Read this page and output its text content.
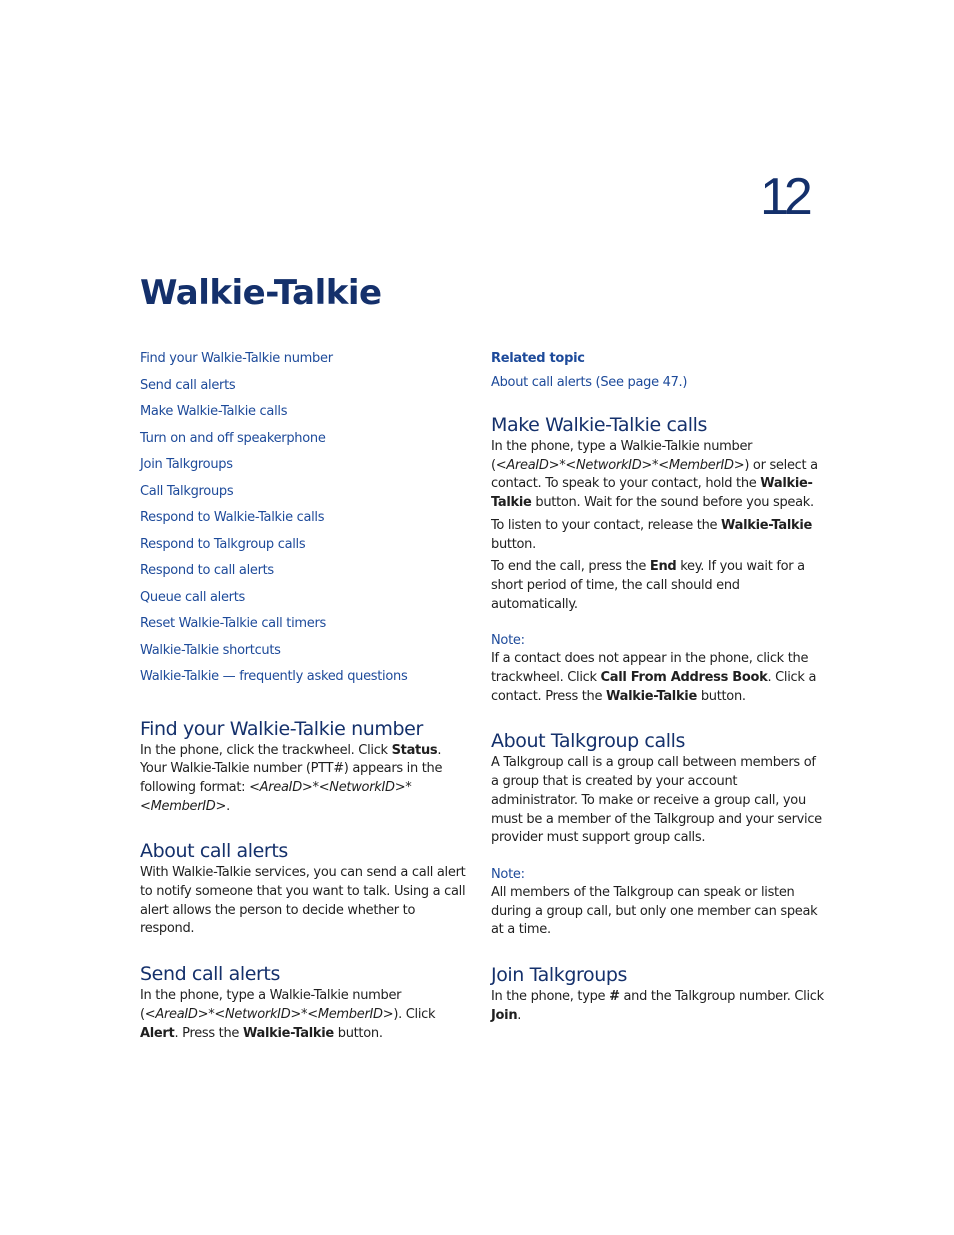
12
Walkie-Talkie
Find your Walkie-Talkie number
Send call alerts
Make Walkie-Talkie calls
Turn on and off speakerphone
Join Talkgroups
Call Talkgroups
Respond to Walkie-Talkie calls
Respond to Talkgroup calls
Respond to call alerts
Queue call alerts
Reset Walkie-Talkie call timers
Walkie-Talkie shortcuts
Walkie-Talkie — frequently asked questions
Find your Walkie-Talkie number

In the phone, click the trackwheel. Click Status. Your Walkie-Talkie number (PTT#) appears in the following format: <AreaID>*<NetworkID>*<MemberID>.

About call alerts

With Walkie-Talkie services, you can send a call alert to notify someone that you want to talk. Using a call alert allows the person to decide whether to respond.

Send call alerts

In the phone, type a Walkie-Talkie number (<AreaID>*<NetworkID>*<MemberID>). Click Alert. Press the Walkie-Talkie button.

Related topic
About call alerts (See page 47.)
Make Walkie-Talkie calls

In the phone, type a Walkie-Talkie number (<AreaID>*<NetworkID>*<MemberID>) or select a contact. To speak to your contact, hold the Walkie-Talkie button. Wait for the sound before you speak.

To listen to your contact, release the Walkie-Talkie button.

To end the call, press the End key. If you wait for a short period of time, the call should end automatically.

Note:

If a contact does not appear in the phone, click the trackwheel. Click Call From Address Book. Click a contact. Press the Walkie-Talkie button.

About Talkgroup calls

A Talkgroup call is a group call between members of a group that is created by your account administrator. To make or receive a group call, you must be a member of the Talkgroup and your service provider must support group calls.

Note:

All members of the Talkgroup can speak or listen during a group call, but only one member can speak at a time.

Join Talkgroups

In the phone, type # and the Talkgroup number. Click Join.
